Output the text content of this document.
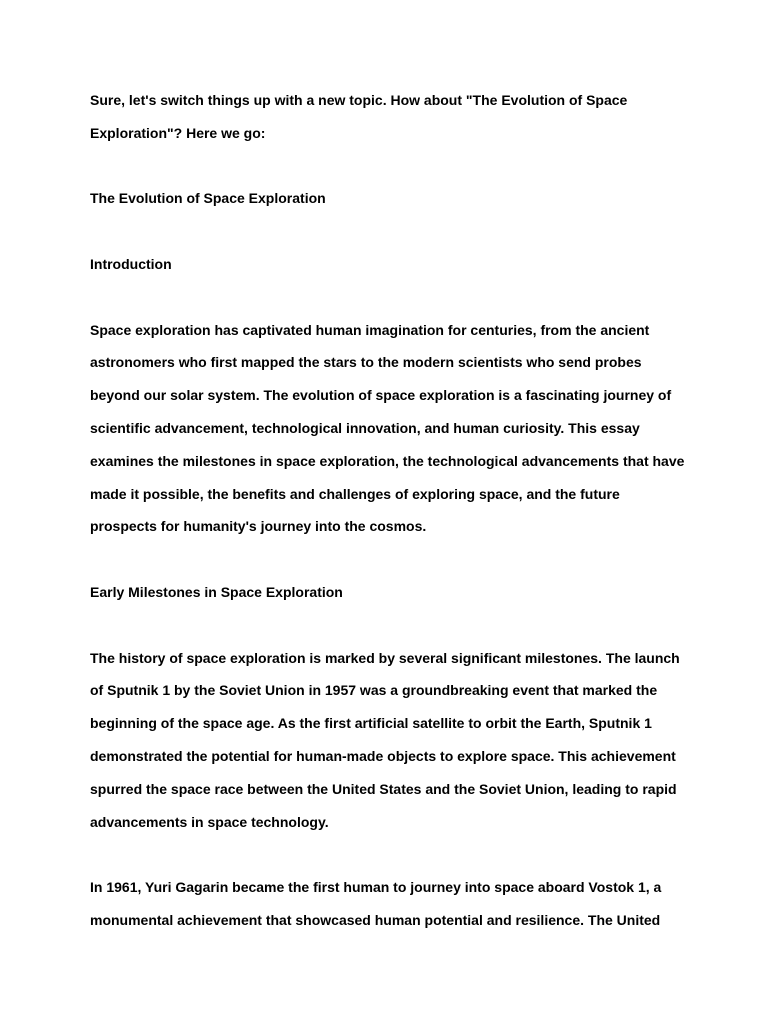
Sure, let's switch things up with a new topic. How about "The Evolution of Space
Exploration"? Here we go:
The Evolution of Space Exploration
Introduction
Space exploration has captivated human imagination for centuries, from the ancient
astronomers who first mapped the stars to the modern scientists who send probes
beyond our solar system. The evolution of space exploration is a fascinating journey of
scientific advancement, technological innovation, and human curiosity. This essay
examines the milestones in space exploration, the technological advancements that have
made it possible, the benefits and challenges of exploring space, and the future
prospects for humanity's journey into the cosmos.
Early Milestones in Space Exploration
The history of space exploration is marked by several significant milestones. The launch
of Sputnik 1 by the Soviet Union in 1957 was a groundbreaking event that marked the
beginning of the space age. As the first artificial satellite to orbit the Earth, Sputnik 1
demonstrated the potential for human-made objects to explore space. This achievement
spurred the space race between the United States and the Soviet Union, leading to rapid
advancements in space technology.
In 1961, Yuri Gagarin became the first human to journey into space aboard Vostok 1, a
monumental achievement that showcased human potential and resilience. The United
